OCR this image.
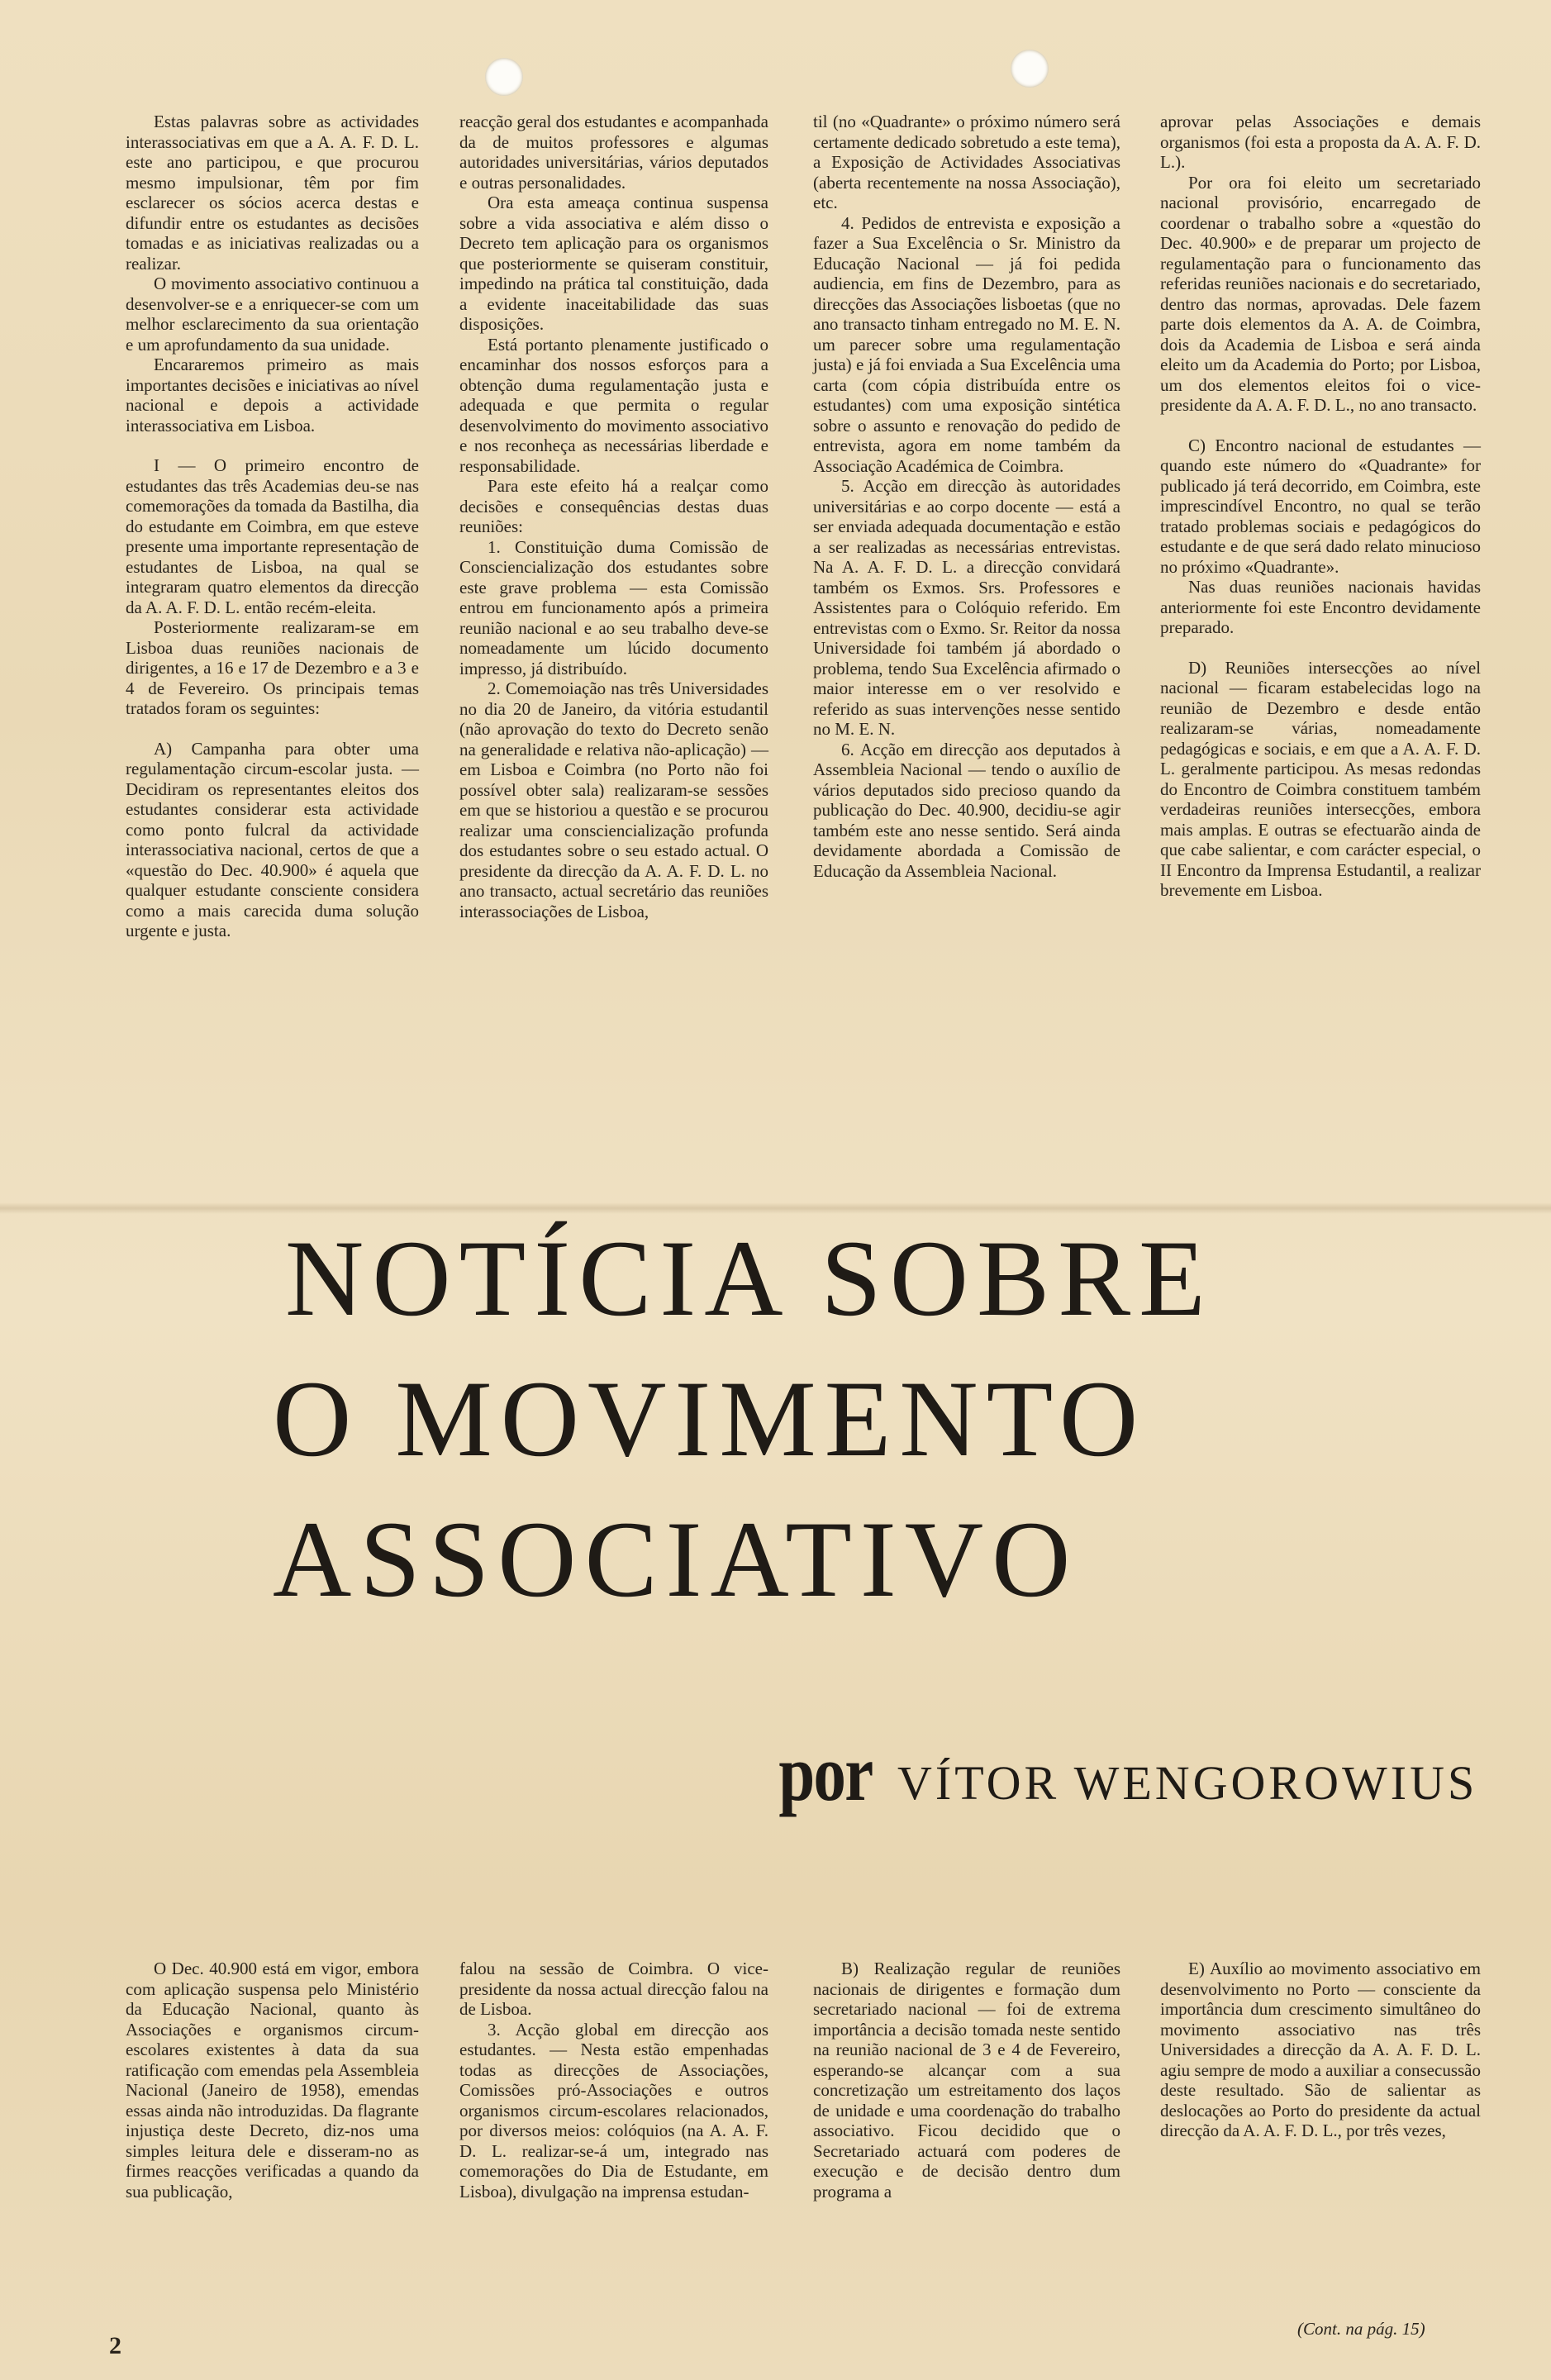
Estas palavras sobre as actividades interassociativas em que a A. A. F. D. L. este ano participou, e que procurou mesmo impulsionar, têm por fim esclarecer os sócios acerca destas e difundir entre os estudantes as decisões tomadas e as iniciativas realizadas ou a realizar.

O movimento associativo continuou a desenvolver-se e a enriquecer-se com um melhor esclarecimento da sua orientação e um aprofundamento da sua unidade.

Encararemos primeiro as mais importantes decisões e iniciativas ao nível nacional e depois a actividade interassociativa em Lisboa.

I — O primeiro encontro de estudantes das três Academias deu-se nas comemorações da tomada da Bastilha, dia do estudante em Coimbra, em que esteve presente uma importante representação de estudantes de Lisboa, na qual se integraram quatro elementos da direcção da A. A. F. D. L. então recém-eleita.

Posteriormente realizaram-se em Lisboa duas reuniões nacionais de dirigentes, a 16 e 17 de Dezembro e a 3 e 4 de Fevereiro. Os principais temas tratados foram os seguintes:

A) Campanha para obter uma regulamentação circum-escolar justa. — Decidiram os representantes eleitos dos estudantes considerar esta actividade como ponto fulcral da actividade interassociativa nacional, certos de que a «questão do Dec. 40.900» é aquela que qualquer estudante consciente considera como a mais carecida duma solução urgente e justa.

reacção geral dos estudantes e acompanhada da de muitos professores e algumas autoridades universitárias, vários deputados e outras personalidades.

Ora esta ameaça continua suspensa sobre a vida associativa e além disso o Decreto tem aplicação para os organismos que posteriormente se quiseram constituir, impedindo na prática tal constituição, dada a evidente inaceitabilidade das suas disposições.

Está portanto plenamente justificado o encaminhar dos nossos esforços para a obtenção duma regulamentação justa e adequada e que permita o regular desenvolvimento do movimento associativo e nos reconheça as necessárias liberdade e responsabilidade.

Para este efeito há a realçar como decisões e consequências destas duas reuniões:

1. Constituição duma Comissão de Consciencialização dos estudantes sobre este grave problema — esta Comissão entrou em funcionamento após a primeira reunião nacional e ao seu trabalho deve-se nomeadamente um lúcido documento impresso, já distribuído.

2. Comemoiação nas três Universidades no dia 20 de Janeiro, da vitória estudantil (não aprovação do texto do Decreto senão na generalidade e relativa não-aplicação) — em Lisboa e Coimbra (no Porto não foi possível obter sala) realizaram-se sessões em que se historiou a questão e se procurou realizar uma consciencialização profunda dos estudantes sobre o seu estado actual. O presidente da direcção da A. A. F. D. L. no ano transacto, actual secretário das reuniões interassociações de Lisboa,

til (no «Quadrante» o próximo número será certamente dedicado sobretudo a este tema), a Exposição de Actividades Associativas (aberta recentemente na nossa Associação), etc.

4. Pedidos de entrevista e exposição a fazer a Sua Excelência o Sr. Ministro da Educação Nacional — já foi pedida audiencia, em fins de Dezembro, para as direcções das Associações lisboetas (que no ano transacto tinham entregado no M. E. N. um parecer sobre uma regulamentação justa) e já foi enviada a Sua Excelência uma carta (com cópia distribuída entre os estudantes) com uma exposição sintética sobre o assunto e renovação do pedido de entrevista, agora em nome também da Associação Académica de Coimbra.

5. Acção em direcção às autoridades universitárias e ao corpo docente — está a ser enviada adequada documentação e estão a ser realizadas as necessárias entrevistas. Na A. A. F. D. L. a direcção convidará também os Exmos. Srs. Professores e Assistentes para o Colóquio referido. Em entrevistas com o Exmo. Sr. Reitor da nossa Universidade foi também já abordado o problema, tendo Sua Excelência afirmado o maior interesse em o ver resolvido e referido as suas intervenções nesse sentido no M. E. N.

6. Acção em direcção aos deputados à Assembleia Nacional — tendo o auxílio de vários deputados sido precioso quando da publicação do Dec. 40.900, decidiu-se agir também este ano nesse sentido. Será ainda devidamente abordada a Comissão de Educação da Assembleia Nacional.

aprovar pelas Associações e demais organismos (foi esta a proposta da A. A. F. D. L.).

Por ora foi eleito um secretariado nacional provisório, encarregado de coordenar o trabalho sobre a «questão do Dec. 40.900» e de preparar um projecto de regulamentação para o funcionamento das referidas reuniões nacionais e do secretariado, dentro das normas, aprovadas. Dele fazem parte dois elementos da A. A. de Coimbra, dois da Academia de Lisboa e será ainda eleito um da Academia do Porto; por Lisboa, um dos elementos eleitos foi o vice-presidente da A. A. F. D. L., no ano transacto.

C) Encontro nacional de estudantes — quando este número do «Quadrante» for publicado já terá decorrido, em Coimbra, este imprescindível Encontro, no qual se terão tratado problemas sociais e pedagógicos do estudante e de que será dado relato minucioso no próximo «Quadrante».

Nas duas reuniões nacionais havidas anteriormente foi este Encontro devidamente preparado.

D) Reuniões intersecções ao nível nacional — ficaram estabelecidas logo na reunião de Dezembro e desde então realizaram-se várias, nomeadamente pedagógicas e sociais, e em que a A. A. F. D. L. geralmente participou. As mesas redondas do Encontro de Coimbra constituem também verdadeiras reuniões intersecções, embora mais amplas. E outras se efectuarão ainda de que cabe salientar, e com carácter especial, o II Encontro da Imprensa Estudantil, a realizar brevemente em Lisboa.

NOTÍCIA SOBRE
O MOVIMENTO
ASSOCIATIVO
por VÍTOR WENGOROWIUS

O Dec. 40.900 está em vigor, embora com aplicação suspensa pelo Ministério da Educação Nacional, quanto às Associações e organismos circum-escolares existentes à data da sua ratificação com emendas pela Assembleia Nacional (Janeiro de 1958), emendas essas ainda não introduzidas. Da flagrante injustiça deste Decreto, diz-nos uma simples leitura dele e disseram-no as firmes reacções verificadas a quando da sua publicação,

falou na sessão de Coimbra. O vice-presidente da nossa actual direcção falou na de Lisboa.

3. Acção global em direcção aos estudantes. — Nesta estão empenhadas todas as direcções de Associações, Comissões pró-Associações e outros organismos circum-escolares relacionados, por diversos meios: colóquios (na A. A. F. D. L. realizar-se-á um, integrado nas comemorações do Dia de Estudante, em Lisboa), divulgação na imprensa estudan-

B) Realização regular de reuniões nacionais de dirigentes e formação dum secretariado nacional — foi de extrema importância a decisão tomada neste sentido na reunião nacional de 3 e 4 de Fevereiro, esperando-se alcançar com a sua concretização um estreitamento dos laços de unidade e uma coordenação do trabalho associativo. Ficou decidido que o Secretariado actuará com poderes de execução e de decisão dentro dum programa a

E) Auxílio ao movimento associativo em desenvolvimento no Porto — consciente da importância dum crescimento simultâneo do movimento associativo nas três Universidades a direcção da A. A. F. D. L. agiu sempre de modo a auxiliar a consecussão deste resultado. São de salientar as deslocações ao Porto do presidente da actual direcção da A. A. F. D. L., por três vezes,

(Cont. na pág. 15)
2
